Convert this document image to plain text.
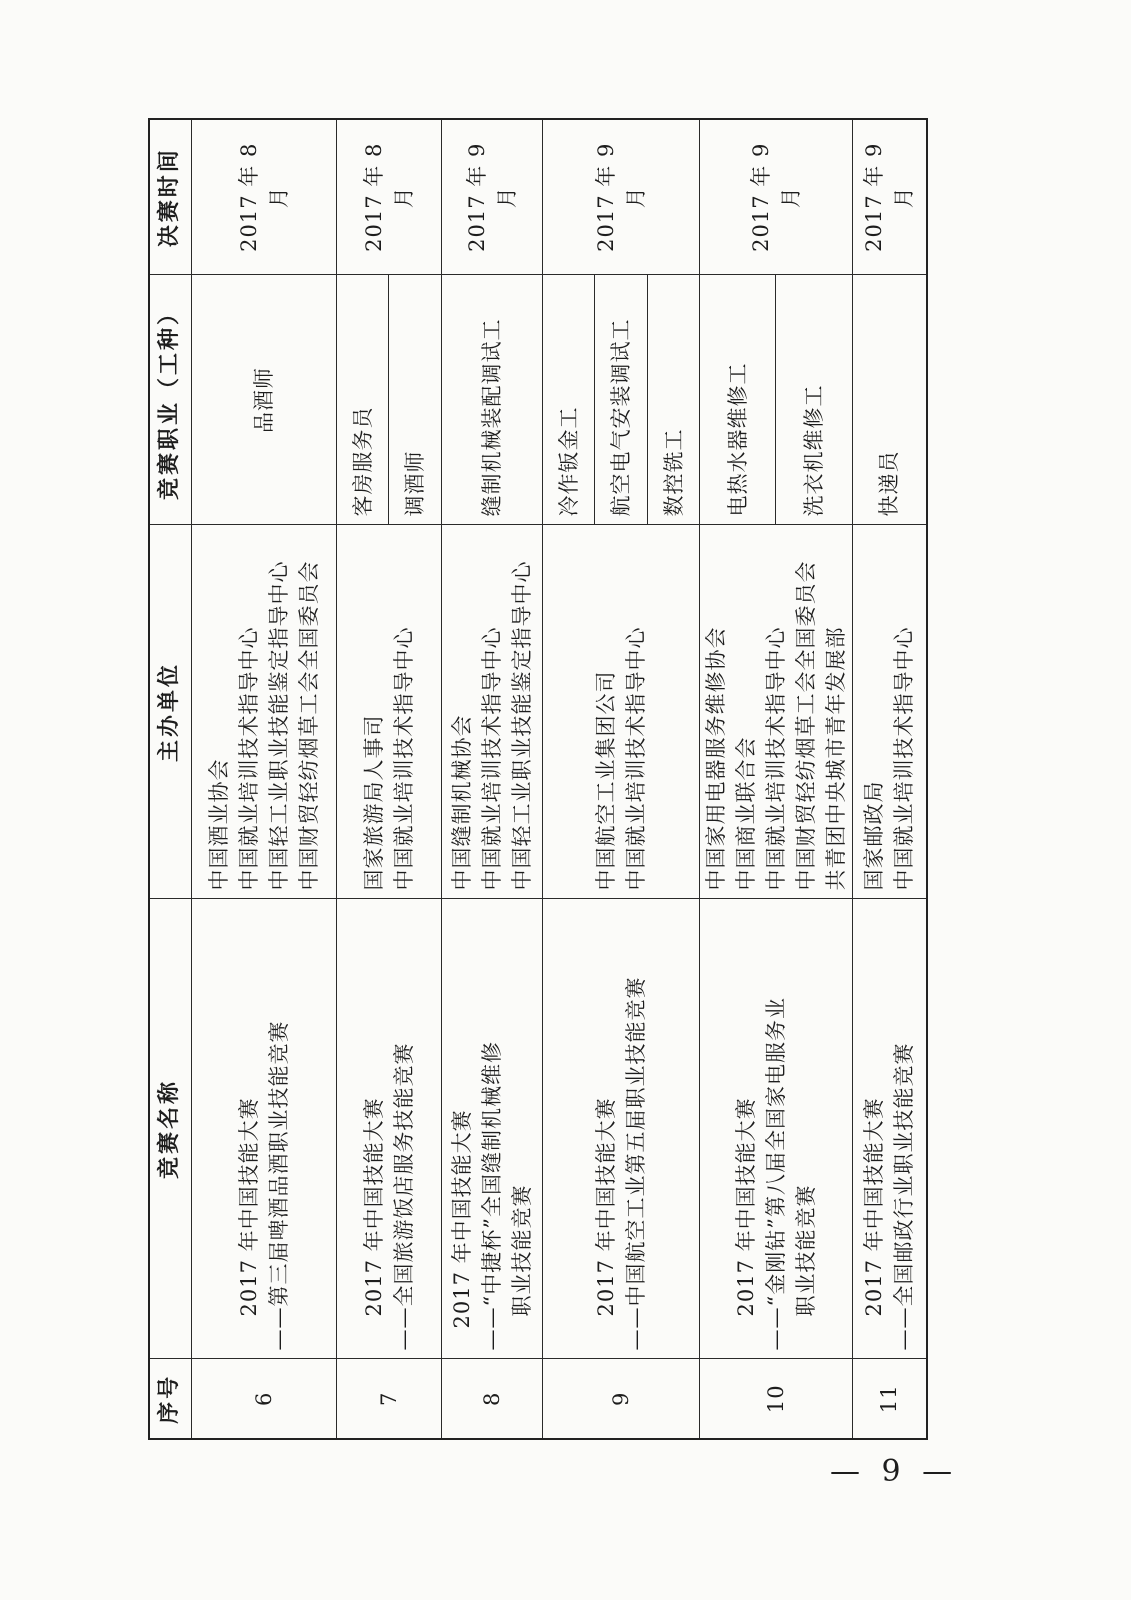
序号	竞赛名称	主办单位	竞赛职业（工种）	决赛时间
6	2017 年中国技能大赛 ——第三届啤酒品酒职业技能竞赛	中国酒业协会 中国就业培训技术指导中心 中国轻工业职业技能鉴定指导中心 中国财贸轻纺烟草工会全国委员会	品酒师	2017 年 8 月
7	2017 年中国技能大赛 ——全国旅游饭店服务技能竞赛	国家旅游局人事司 中国就业培训技术指导中心	客房服务员	2017 年 8 月
			调酒师	
8	2017 年中国技能大赛 ——“中捷杯”全国缝制机械维修 职业技能竞赛	中国缝制机械协会 中国就业培训技术指导中心 中国轻工业职业技能鉴定指导中心	缝制机械装配调试工	2017 年 9 月
9	2017 年中国技能大赛 ——中国航空工业第五届职业技能竞赛	中国航空工业集团公司 中国就业培训技术指导中心	冷作钣金工	2017 年 9 月
			航空电气安装调试工	
			数控铣工	
10	2017 年中国技能大赛 ——“金刚钻”第八届全国家电服务业 职业技能竞赛	中国家用电器服务维修协会 中国商业联合会 中国就业培训技术指导中心 中国财贸轻纺烟草工会全国委员会 共青团中央城市青年发展部	电热水器维修工	2017 年 9 月
			洗衣机维修工	
11	2017 年中国技能大赛 ——全国邮政行业职业技能竞赛	国家邮政局 中国就业培训技术指导中心	快递员	2017 年 9 月
— 9 —
